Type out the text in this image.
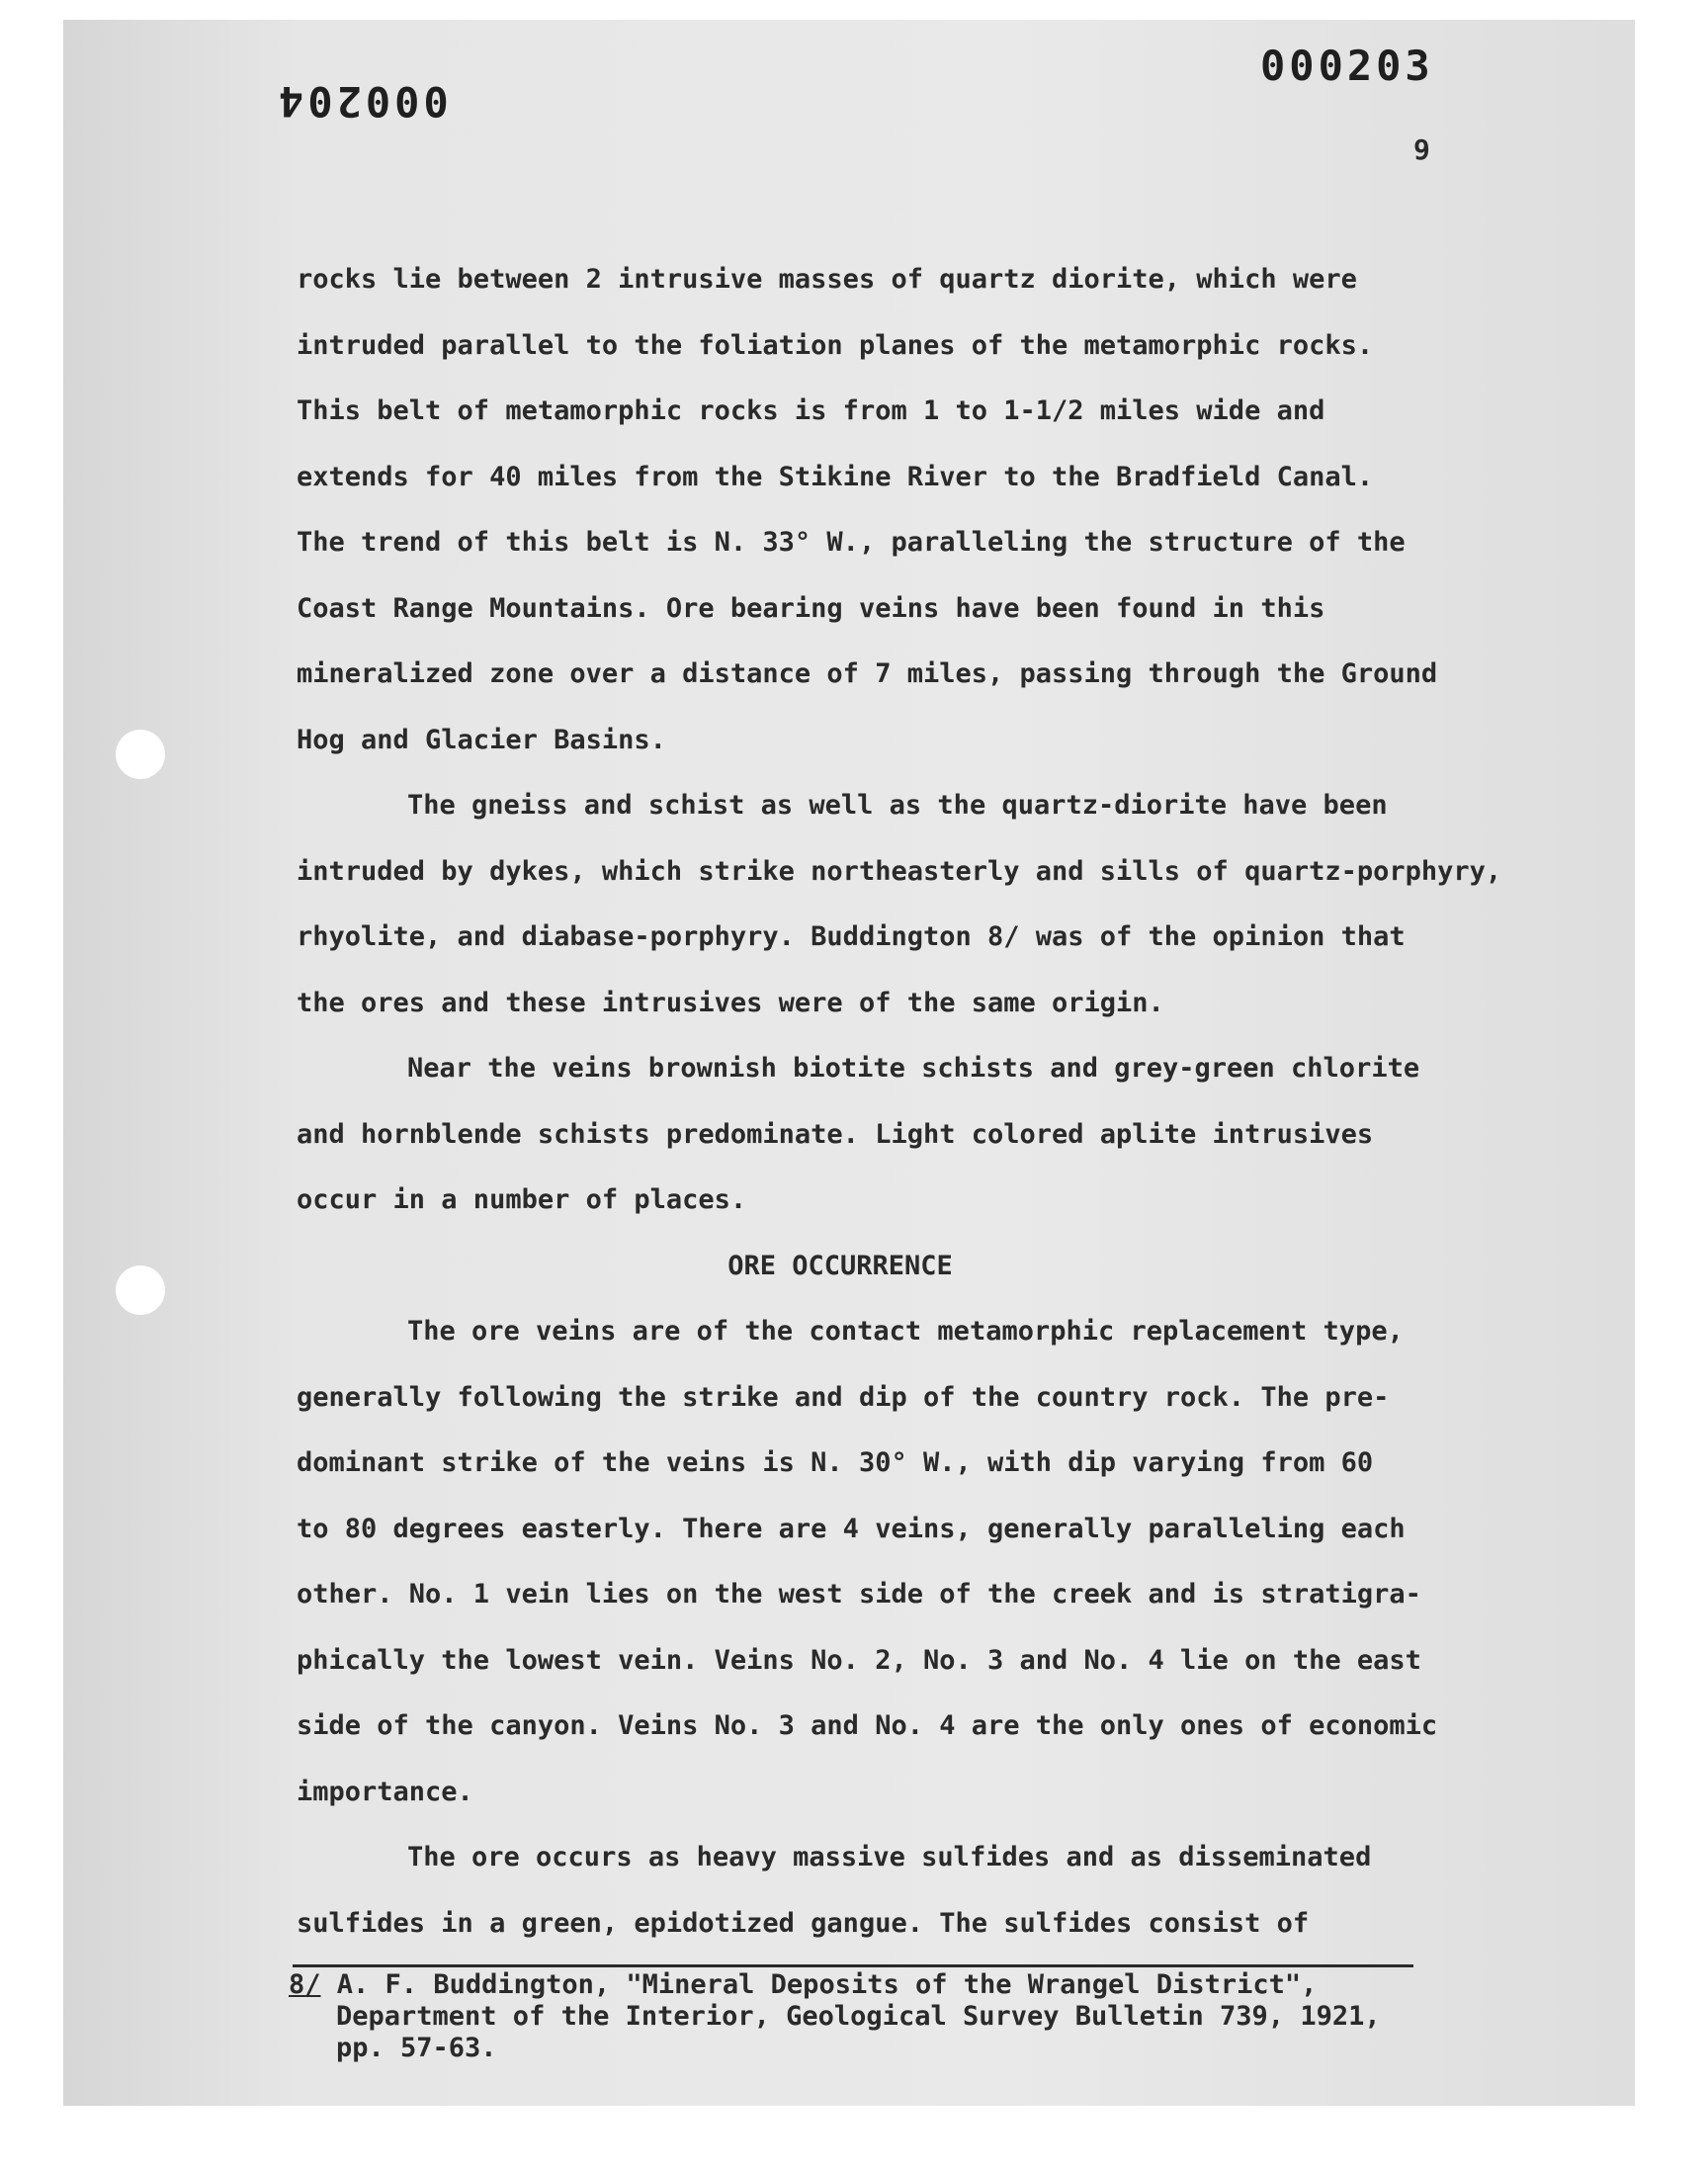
000204
000203
9

rocks lie between 2 intrusive masses of quartz diorite, which were

intruded parallel to the foliation planes of the metamorphic rocks.

This belt of metamorphic rocks is from 1 to 1-1/2 miles wide and

extends for 40 miles from the Stikine River to the Bradfield Canal.

The trend of this belt is N. 33° W., paralleling the structure of the

Coast Range Mountains. Ore bearing veins have been found in this

mineralized zone over a distance of 7 miles, passing through the Ground

Hog and Glacier Basins.

The gneiss and schist as well as the quartz-diorite have been

intruded by dykes, which strike northeasterly and sills of quartz-porphyry,

rhyolite, and diabase-porphyry. Buddington 8/ was of the opinion that

the ores and these intrusives were of the same origin.

Near the veins brownish biotite schists and grey-green chlorite

and hornblende schists predominate. Light colored aplite intrusives

occur in a number of places.

ORE OCCURRENCE

The ore veins are of the contact metamorphic replacement type,

generally following the strike and dip of the country rock. The pre-

dominant strike of the veins is N. 30° W., with dip varying from 60

to 80 degrees easterly. There are 4 veins, generally paralleling each

other. No. 1 vein lies on the west side of the creek and is stratigra-

phically the lowest vein. Veins No. 2, No. 3 and No. 4 lie on the east

side of the canyon. Veins No. 3 and No. 4 are the only ones of economic

importance.

The ore occurs as heavy massive sulfides and as disseminated

sulfides in a green, epidotized gangue. The sulfides consist of

8/ A. F. Buddington, "Mineral Deposits of the Wrangel District",

Department of the Interior, Geological Survey Bulletin 739, 1921,

pp. 57-63.
